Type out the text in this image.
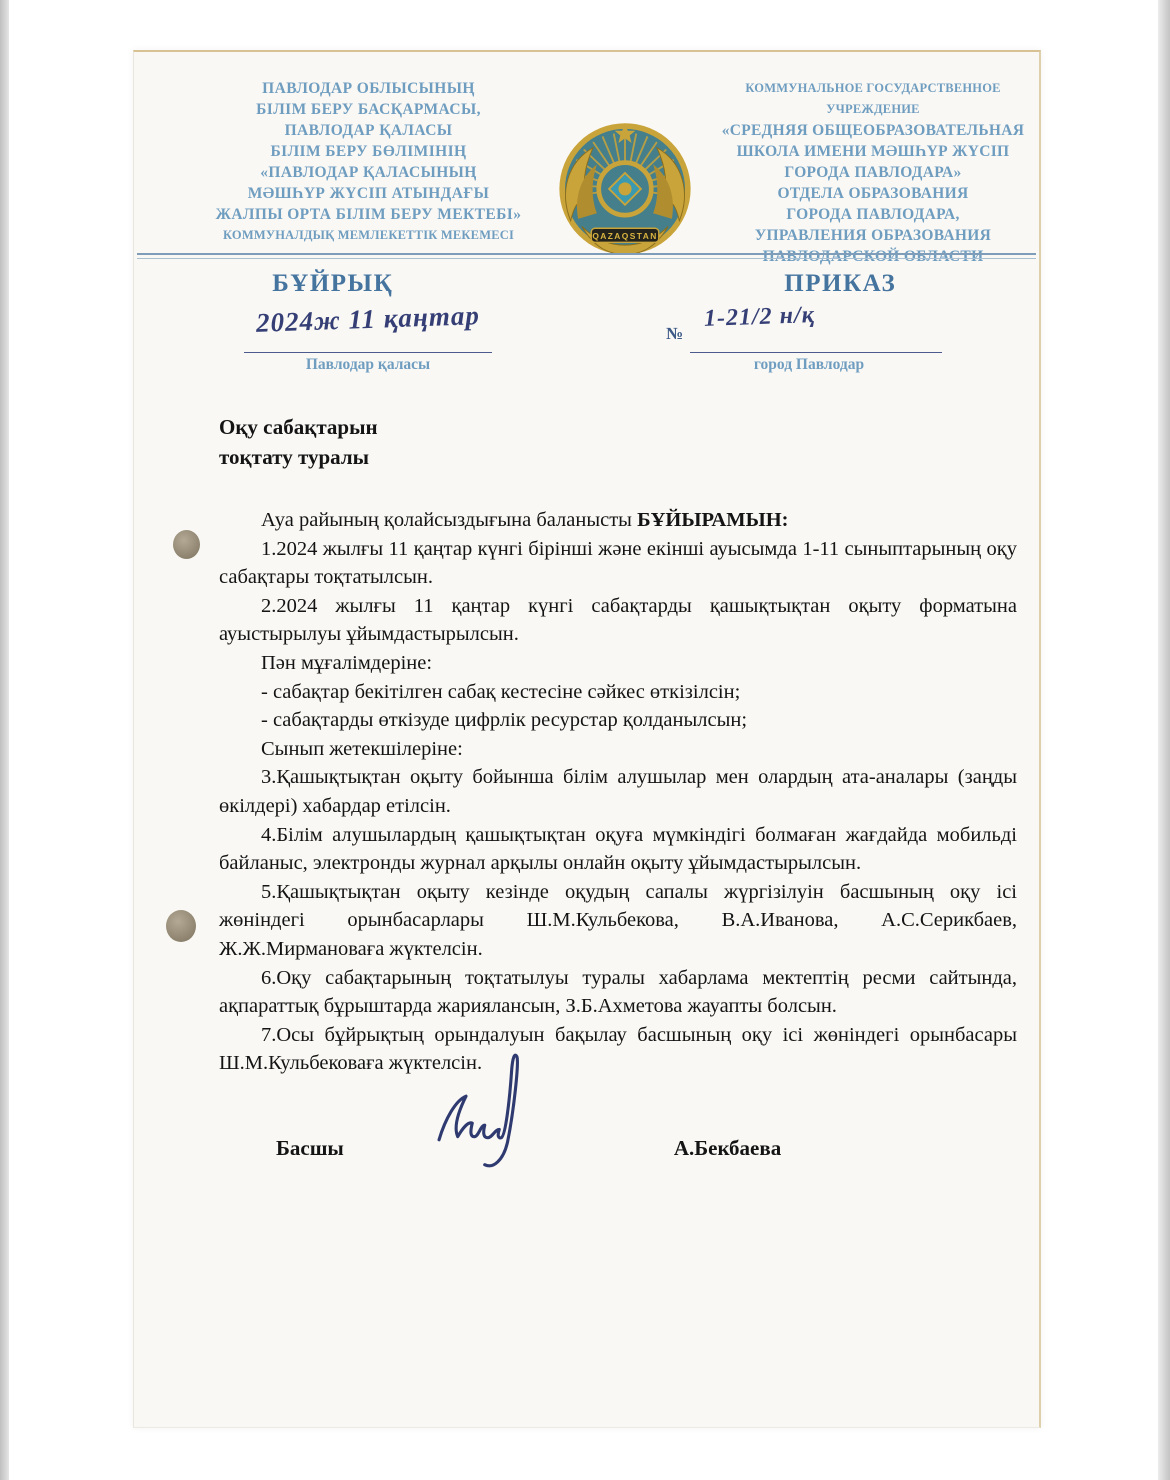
ПАВЛОДАР ОБЛЫСЫНЫҢ
БІЛІМ БЕРУ БАСҚАРМАСЫ,
ПАВЛОДАР ҚАЛАСЫ
БІЛІМ БЕРУ БӨЛІМІНІҢ
«ПАВЛОДАР ҚАЛАСЫНЫҢ
МӘШҺҮР ЖҮСІП АТЫНДАҒЫ
ЖАЛПЫ ОРТА БІЛІМ БЕРУ МЕКТЕБІ»
КОММУНАЛДЫҚ МЕМЛЕКЕТТІК МЕКЕМЕСІ	QAZAQSTAN
КОММУНАЛЬНОЕ ГОСУДАРСТВЕННОЕ УЧРЕЖДЕНИЕ
«СРЕДНЯЯ ОБЩЕОБРАЗОВАТЕЛЬНАЯ
ШКОЛА ИМЕНИ МӘШҺҮР ЖҮСІП
ГОРОДА ПАВЛОДАРА»
ОТДЕЛА ОБРАЗОВАНИЯ
ГОРОДА ПАВЛОДАРА,
УПРАВЛЕНИЯ ОБРАЗОВАНИЯ
ПАВЛОДАРСКОЙ ОБЛАСТИ
БҰЙРЫҚ	ПРИКАЗ
2024ж 11 қаңтар
Павлодар қаласы
№
1-21/2 н/қ
город Павлодар
Оқу сабақтарын
тоқтату туралы

Ауа райының қолайсыздығына баланысты БҰЙЫРАМЫН:

1.2024 жылғы 11 қаңтар күнгі бірінші және екінші ауысымда 1-11 сыныптарының оқу сабақтары тоқтатылсын.

2.2024 жылғы 11 қаңтар күнгі сабақтарды қашықтықтан оқыту форматына ауыстырылуы ұйымдастырылсын.

Пән мұғалімдеріне:

- сабақтар бекітілген сабақ кестесіне сәйкес өткізілсін;

- сабақтарды өткізуде цифрлік ресурстар қолданылсын;

Сынып жетекшілеріне:

3.Қашықтықтан оқыту бойынша білім алушылар мен олардың ата-аналары (заңды өкілдері) хабардар етілсін.

4.Білім алушылардың қашықтықтан оқуға мүмкіндігі болмаған жағдайда мобильді байланыс, электронды журнал арқылы онлайн оқыту ұйымдастырылсын.

5.Қашықтықтан оқыту кезінде оқудың сапалы жүргізілуін басшының оқу ісі жөніндегі орынбасарлары Ш.М.Кульбекова, В.А.Иванова, А.С.Серикбаев, Ж.Ж.Мирмановаға жүктелсін.

6.Оқу сабақтарының тоқтатылуы туралы хабарлама мектептің ресми сайтында, ақпараттық бұрыштарда жариялансын, З.Б.Ахметова жауапты болсын.

7.Осы бұйрықтың орындалуын бақылау басшының оқу ісі жөніндегі орынбасары Ш.М.Кульбековаға жүктелсін.

Басшы	А.Бекбаева
